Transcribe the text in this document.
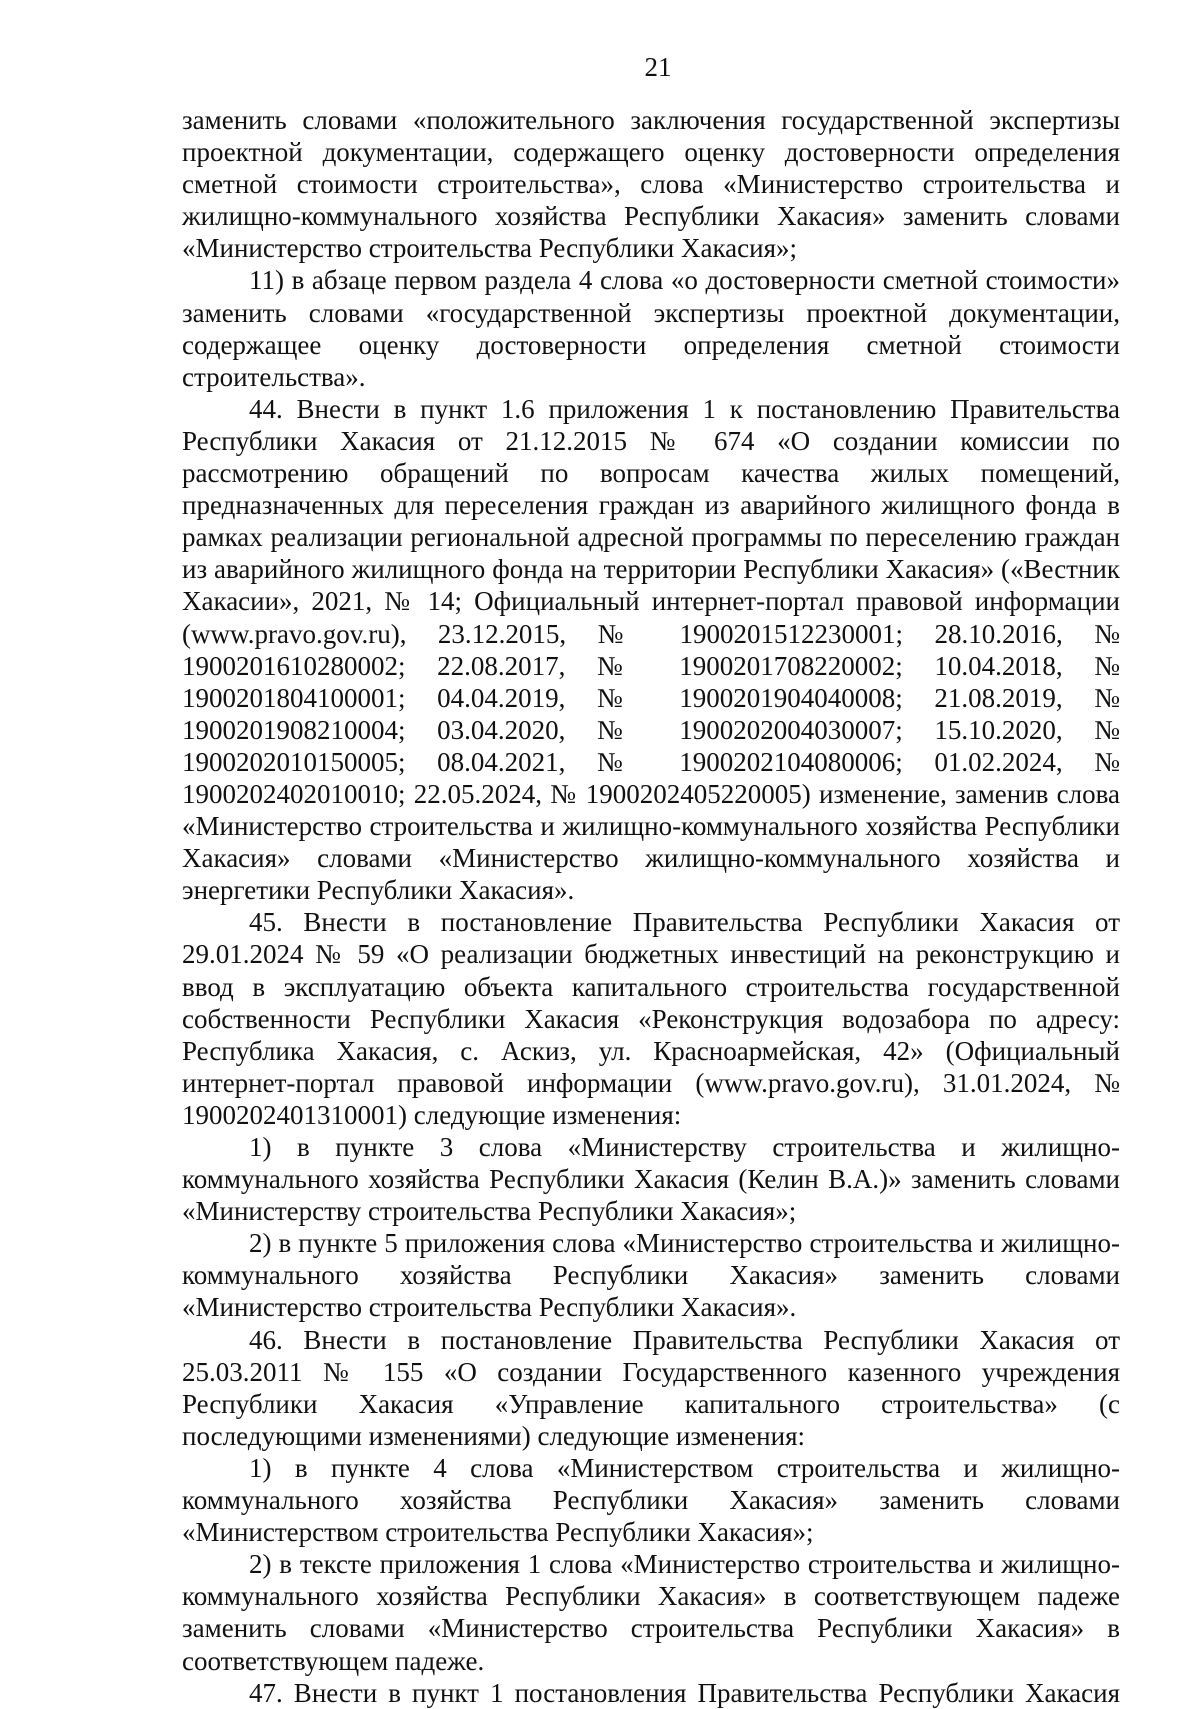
21

заменить словами «положительного заключения государственной экспертизы проектной документации, содержащего оценку достоверности определения сметной стоимости строительства», слова «Министерство строительства и жилищно-коммунального хозяйства Республики Хакасия» заменить словами «Министерство строительства Республики Хакасия»;

11) в абзаце первом раздела 4 слова «о достоверности сметной стоимости» заменить словами «государственной экспертизы проектной документации, содержащее оценку достоверности определения сметной стоимости строительства».

44. Внести в пункт 1.6 приложения 1 к постановлению Правительства Республики Хакасия от 21.12.2015 № 674 «О создании комиссии по рассмотрению обращений по вопросам качества жилых помещений, предназначенных для переселения граждан из аварийного жилищного фонда в рамках реализации региональной адресной программы по переселению граждан из аварийного жилищного фонда на территории Республики Хакасия» («Вестник Хакасии», 2021, № 14; Официальный интернет-портал правовой информации (www.pravo.gov.ru), 23.12.2015, № 1900201512230001; 28.10.2016, № 1900201610280002; 22.08.2017, № 1900201708220002; 10.04.2018, № 1900201804100001; 04.04.2019, № 1900201904040008; 21.08.2019, № 1900201908210004; 03.04.2020, № 1900202004030007; 15.10.2020, № 1900202010150005; 08.04.2021, № 1900202104080006; 01.02.2024, № 1900202402010010; 22.05.2024, № 1900202405220005) изменение, заменив слова «Министерство строительства и жилищно-коммунального хозяйства Республики Хакасия» словами «Министерство жилищно-коммунального хозяйства и энергетики Республики Хакасия».

45. Внести в постановление Правительства Республики Хакасия от 29.01.2024 № 59 «О реализации бюджетных инвестиций на реконструкцию и ввод в эксплуатацию объекта капитального строительства государственной собственности Республики Хакасия «Реконструкция водозабора по адресу: Республика Хакасия, с. Аскиз, ул. Красноармейская, 42» (Официальный интернет-портал правовой информации (www.pravo.gov.ru), 31.01.2024, № 1900202401310001) следующие изменения:

1) в пункте 3 слова «Министерству строительства и жилищно-коммунального хозяйства Республики Хакасия (Келин В.А.)» заменить словами «Министерству строительства Республики Хакасия»;

2) в пункте 5 приложения слова «Министерство строительства и жилищно-коммунального хозяйства Республики Хакасия» заменить словами «Министерство строительства Республики Хакасия».

46. Внести в постановление Правительства Республики Хакасия от 25.03.2011 № 155 «О создании Государственного казенного учреждения Республики Хакасия «Управление капитального строительства» (с последующими изменениями) следующие изменения:

1) в пункте 4 слова «Министерством строительства и жилищно-коммунального хозяйства Республики Хакасия» заменить словами «Министерством строительства Республики Хакасия»;

2) в тексте приложения 1 слова «Министерство строительства и жилищно-коммунального хозяйства Республики Хакасия» в соответствующем падеже заменить словами «Министерство строительства Республики Хакасия» в соответствующем падеже.

47. Внести в пункт 1 постановления Правительства Республики Хакасия
